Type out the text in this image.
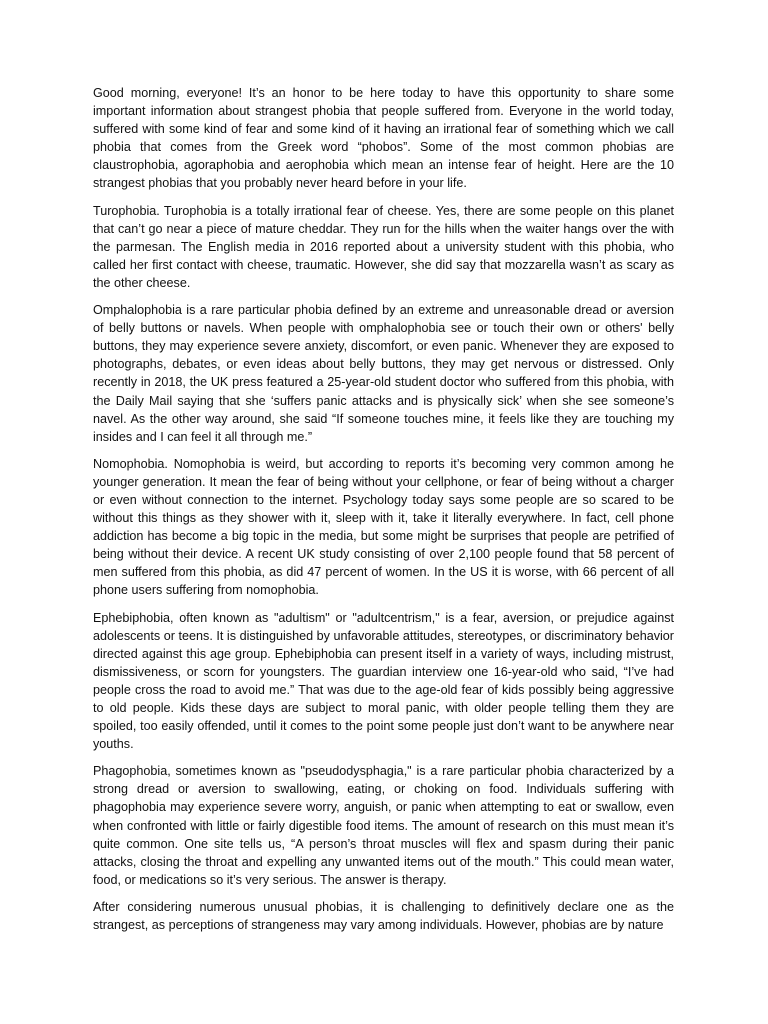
Good morning, everyone! It’s an honor to be here today to have this opportunity to share some important information about strangest phobia that people suffered from. Everyone in the world today, suffered with some kind of fear and some kind of it having an irrational fear of something which we call phobia that comes from the Greek word “phobos”. Some of the most common phobias are claustrophobia, agoraphobia and aerophobia which mean an intense fear of height. Here are the 10 strangest phobias that you probably never heard before in your life.

Turophobia. Turophobia is a totally irrational fear of cheese. Yes, there are some people on this planet that can’t go near a piece of mature cheddar. They run for the hills when the waiter hangs over the with the parmesan. The English media in 2016 reported about a university student with this phobia, who called her first contact with cheese, traumatic. However, she did say that mozzarella wasn’t as scary as the other cheese.

Omphalophobia is a rare particular phobia defined by an extreme and unreasonable dread or aversion of belly buttons or navels. When people with omphalophobia see or touch their own or others' belly buttons, they may experience severe anxiety, discomfort, or even panic. Whenever they are exposed to photographs, debates, or even ideas about belly buttons, they may get nervous or distressed. Only recently in 2018, the UK press featured a 25-year-old student doctor who suffered from this phobia, with the Daily Mail saying that she ‘suffers panic attacks and is physically sick’ when she see someone’s navel. As the other way around, she said “If someone touches mine, it feels like they are touching my insides and I can feel it all through me.”

Nomophobia. Nomophobia is weird, but according to reports it’s becoming very common among he younger generation. It mean the fear of being without your cellphone, or fear of being without a charger or even without connection to the internet. Psychology today says some people are so scared to be without this things as they shower with it, sleep with it, take it literally everywhere. In fact, cell phone addiction has become a big topic in the media, but some might be surprises that people are petrified of being without their device. A recent UK study consisting of over 2,100 people found that 58 percent of men suffered from this phobia, as did 47 percent of women. In the US it is worse, with 66 percent of all phone users suffering from nomophobia.

Ephebiphobia, often known as "adultism" or "adultcentrism," is a fear, aversion, or prejudice against adolescents or teens. It is distinguished by unfavorable attitudes, stereotypes, or discriminatory behavior directed against this age group. Ephebiphobia can present itself in a variety of ways, including mistrust, dismissiveness, or scorn for youngsters. The guardian interview one 16-year-old who said, “I’ve had people cross the road to avoid me.” That was due to the age-old fear of kids possibly being aggressive to old people. Kids these days are subject to moral panic, with older people telling them they are spoiled, too easily offended, until it comes to the point some people just don’t want to be anywhere near youths.

Phagophobia, sometimes known as "pseudodysphagia," is a rare particular phobia characterized by a strong dread or aversion to swallowing, eating, or choking on food. Individuals suffering with phagophobia may experience severe worry, anguish, or panic when attempting to eat or swallow, even when confronted with little or fairly digestible food items. The amount of research on this must mean it’s quite common. One site tells us, “A person’s throat muscles will flex and spasm during their panic attacks, closing the throat and expelling any unwanted items out of the mouth.” This could mean water, food, or medications so it’s very serious. The answer is therapy.

After considering numerous unusual phobias, it is challenging to definitively declare one as the strangest, as perceptions of strangeness may vary among individuals. However, phobias are by nature
